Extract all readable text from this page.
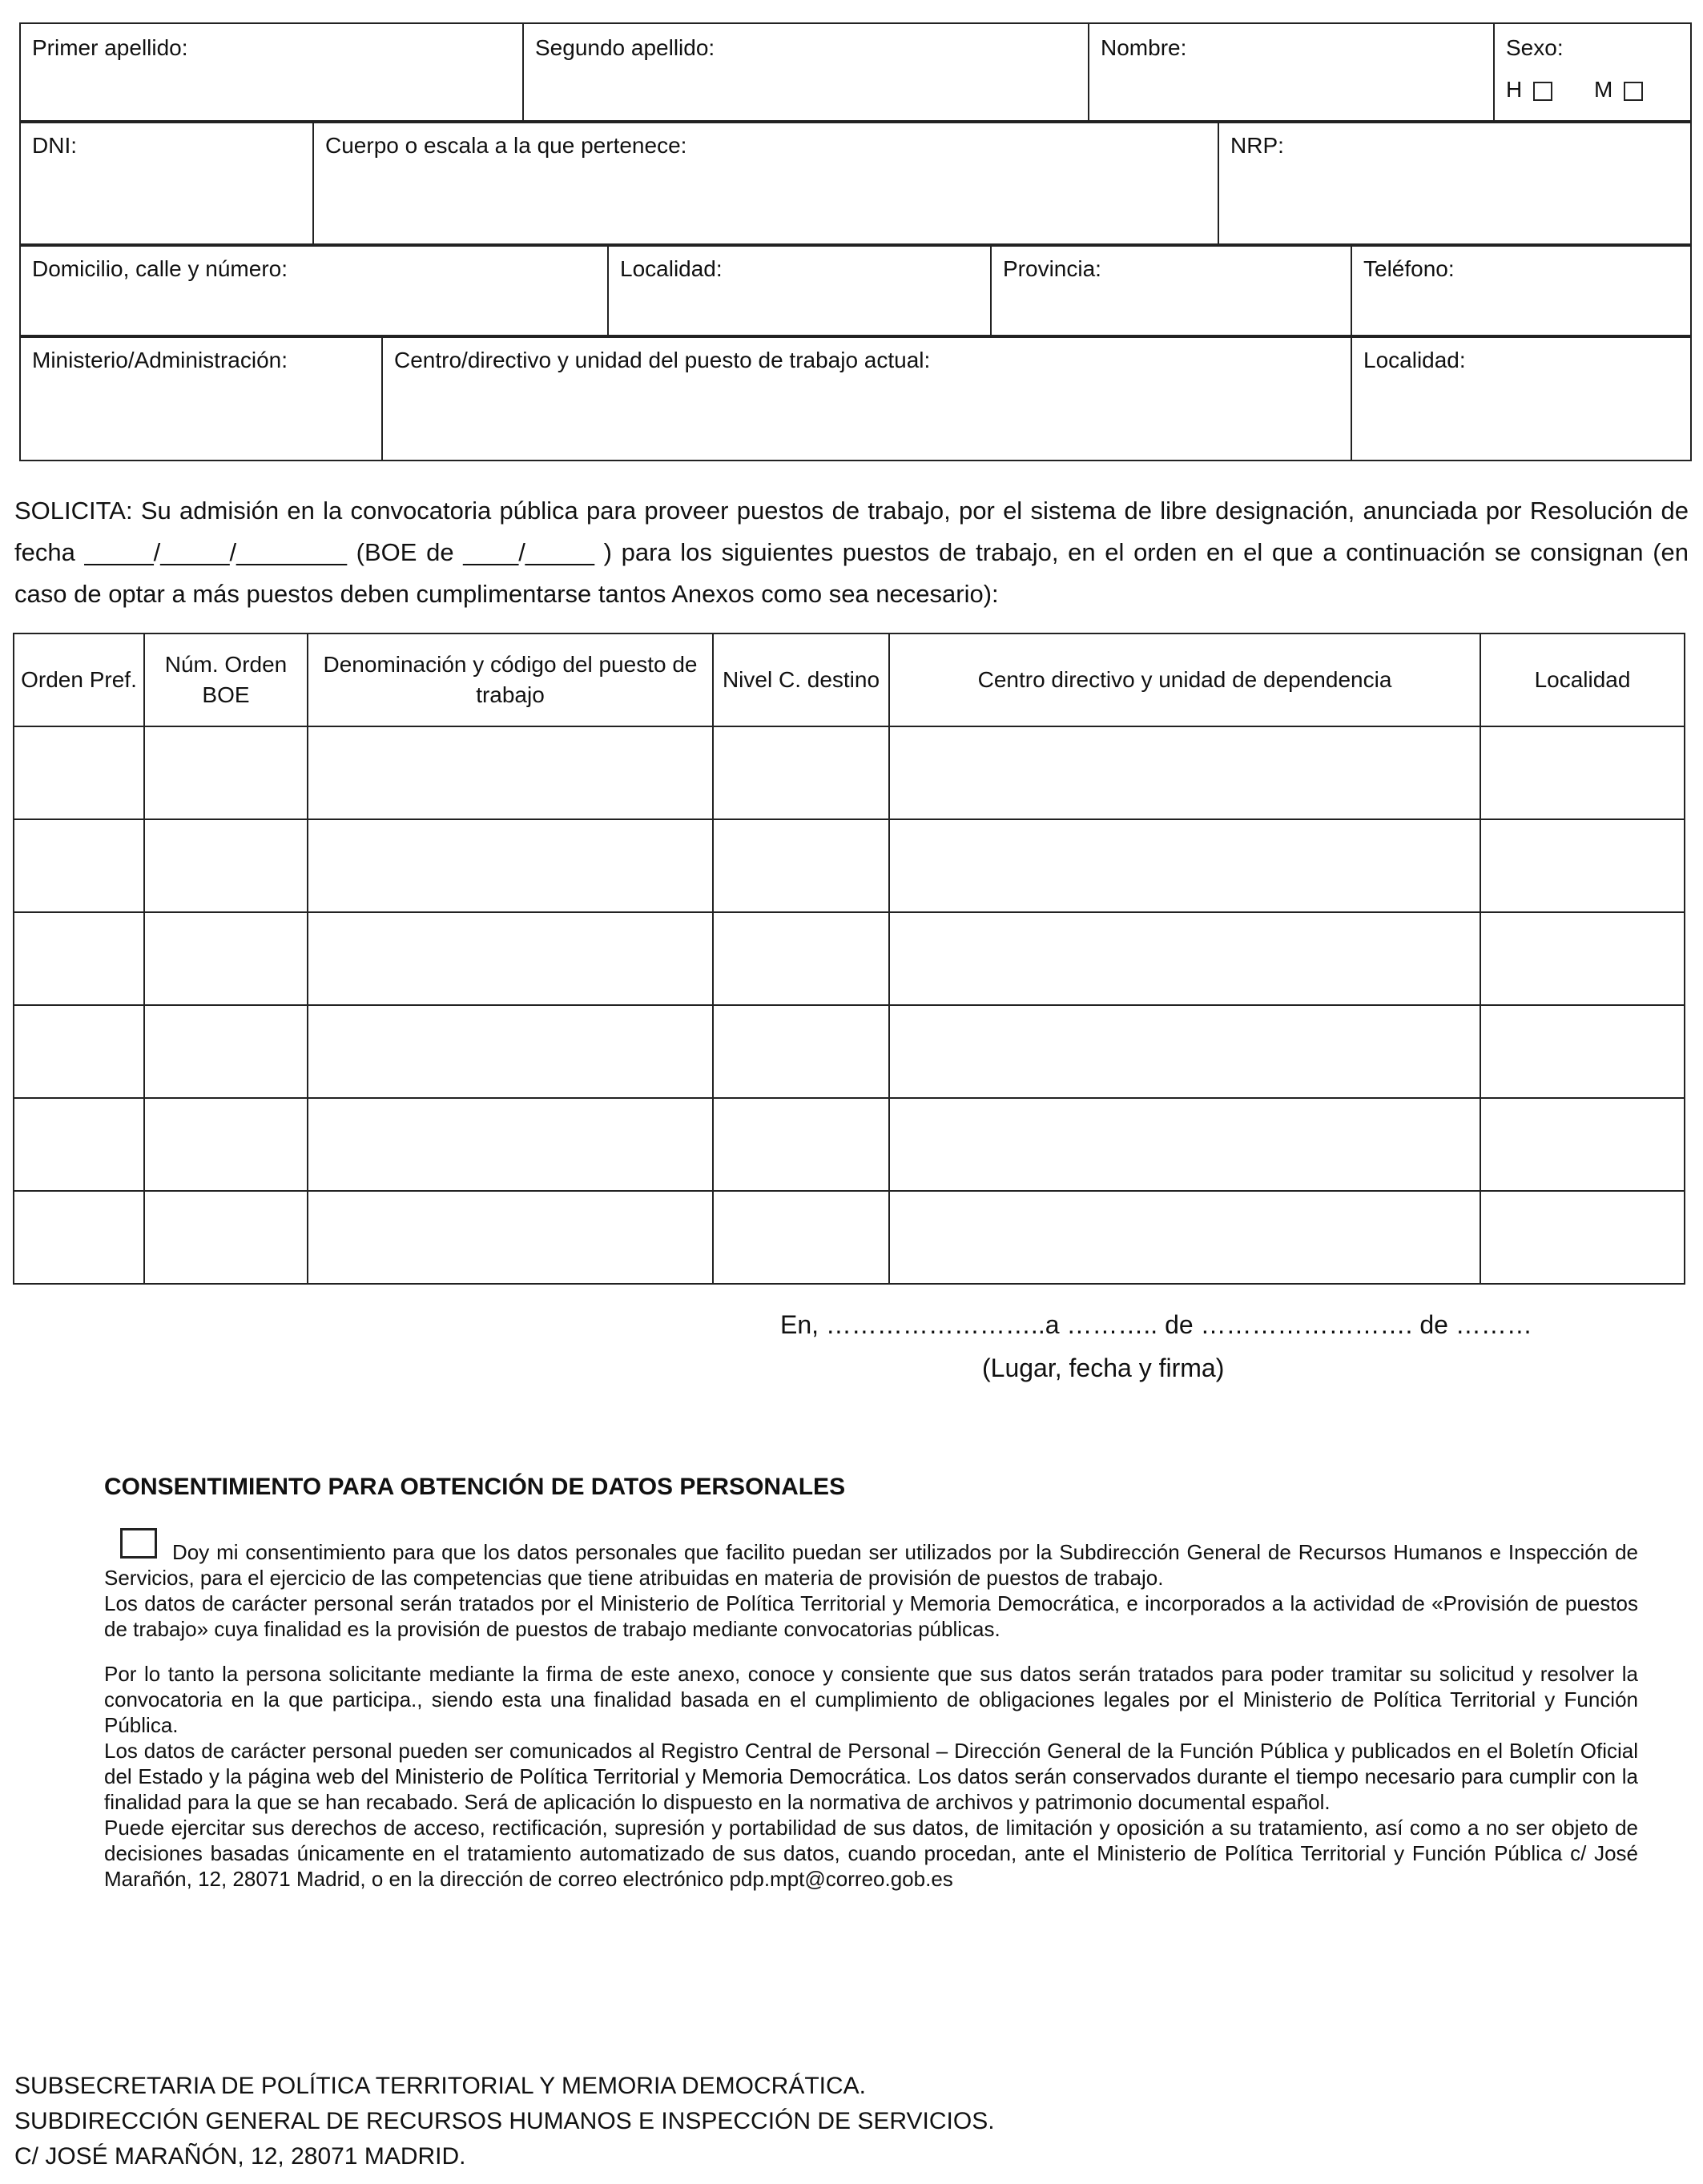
Primer apellido:	Segundo apellido:	Nombre:	Sexo:
H	M
DNI:	Cuerpo o escala a la que pertenece:	NRP:
Domicilio, calle y número:	Localidad:	Provincia:	Teléfono:
Ministerio/Administración:	Centro/directivo y unidad del puesto de trabajo actual:	Localidad:
SOLICITA: Su admisión en la convocatoria pública para proveer puestos de trabajo, por el sistema de libre designación, anunciada por Resolución de fecha _____/_____/________ (BOE de ____/_____ ) para los siguientes puestos de trabajo, en el orden en el que a continuación se consignan (en caso de optar a más puestos deben cumplimentarse tantos Anexos como sea necesario):
Orden Pref.	Núm. Orden BOE	Denominación y código del puesto de trabajo	Nivel C. destino	Centro directivo y unidad de dependencia	Localidad

En, ……………………..a ……….. de ……………………. de ………
(Lugar, fecha y firma)
CONSENTIMIENTO PARA OBTENCIÓN DE DATOS PERSONALES

Doy mi consentimiento para que los datos personales que facilito puedan ser utilizados por la Subdirección General de Recursos Humanos e Inspección de Servicios, para el ejercicio de las competencias que tiene atribuidas en materia de provisión de puestos de trabajo.

Los datos de carácter personal serán tratados por el Ministerio de Política Territorial y Memoria Democrática, e incorporados a la actividad de «Provisión de puestos de trabajo» cuya finalidad es la provisión de puestos de trabajo mediante convocatorias públicas.

Por lo tanto la persona solicitante mediante la firma de este anexo, conoce y consiente que sus datos serán tratados para poder tramitar su solicitud y resolver la convocatoria en la que participa., siendo esta una finalidad basada en el cumplimiento de obligaciones legales por el Ministerio de Política Territorial y Función Pública.

Los datos de carácter personal pueden ser comunicados al Registro Central de Personal – Dirección General de la Función Pública y publicados en el Boletín Oficial del Estado y la página web del Ministerio de Política Territorial y Memoria Democrática. Los datos serán conservados durante el tiempo necesario para cumplir con la finalidad para la que se han recabado. Será de aplicación lo dispuesto en la normativa de archivos y patrimonio documental español.

Puede ejercitar sus derechos de acceso, rectificación, supresión y portabilidad de sus datos, de limitación y oposición a su tratamiento, así como a no ser objeto de decisiones basadas únicamente en el tratamiento automatizado de sus datos, cuando procedan, ante el Ministerio de Política Territorial y Función Pública c/ José Marañón, 12, 28071 Madrid, o en la dirección de correo electrónico pdp.mpt@correo.gob.es

SUBSECRETARIA DE POLÍTICA TERRITORIAL Y MEMORIA DEMOCRÁTICA.
SUBDIRECCIÓN GENERAL DE RECURSOS HUMANOS E INSPECCIÓN DE SERVICIOS.
C/ JOSÉ MARAÑÓN, 12, 28071 MADRID.
